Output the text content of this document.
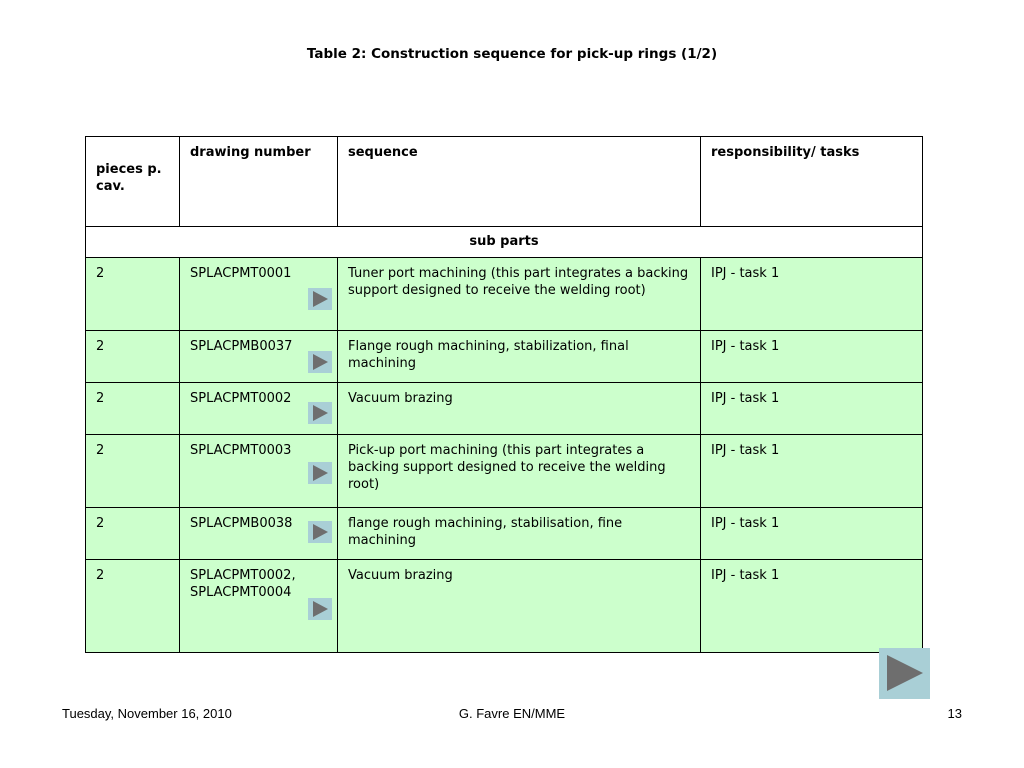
Table 2: Construction sequence for pick-up rings (1/2)
pieces p. cav.	drawing number	sequence	responsibility/ tasks
sub parts			
2	SPLACPMT0001	Tuner port machining (this part integrates a backing support designed to receive the welding root)	IPJ - task 1
2	SPLACPMB0037	Flange rough machining, stabilization, final machining	IPJ - task 1
2	SPLACPMT0002	Vacuum brazing	IPJ - task 1
2	SPLACPMT0003	Pick-up port machining (this part integrates a backing support designed to receive the welding root)	IPJ - task 1
2	SPLACPMB0038	flange rough machining, stabilisation, fine machining	IPJ - task 1
2	SPLACPMT0002, SPLACPMT0004	Vacuum brazing	IPJ - task 1
Tuesday, November 16, 2010	G. Favre EN/MME	13
